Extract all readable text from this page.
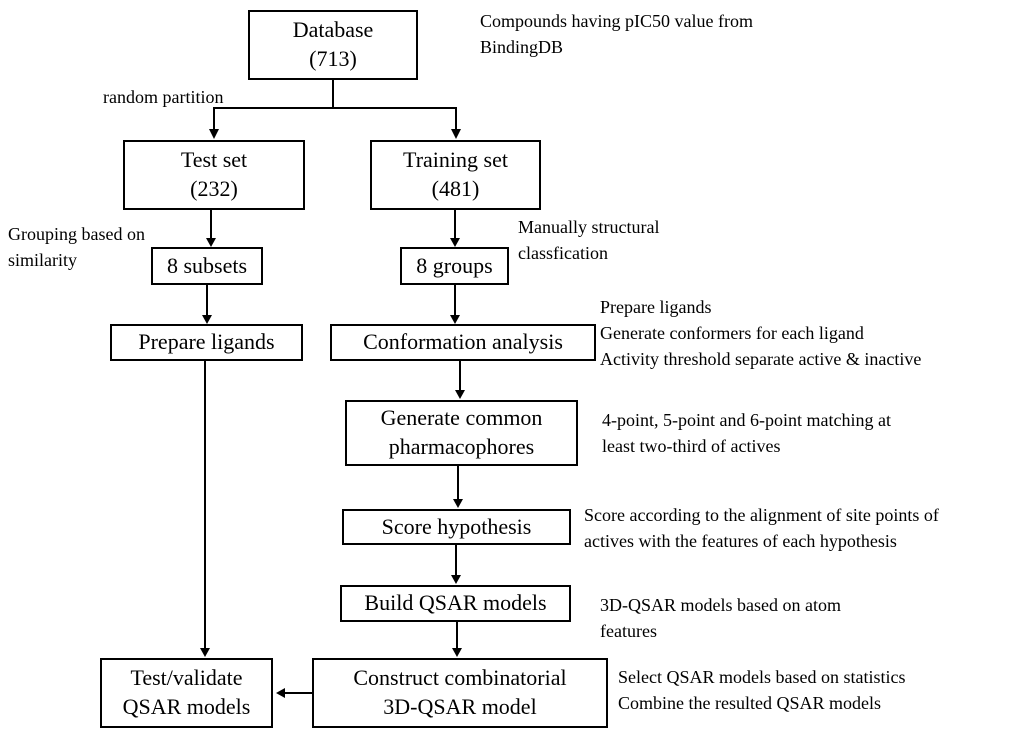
Database
(713)
Test set
(232)
Training set
(481)
8 subsets	8 groups
Prepare ligands	Conformation analysis
Generate common
pharmacophores
Score hypothesis
Build QSAR models
Construct combinatorial
3D-QSAR model
Test/validate
QSAR models
Compounds having pIC50 value from
BindingDB
random partition
Grouping based on
similarity
Manually structural
classfication
Prepare ligands
Generate conformers for each ligand
Activity threshold separate active & inactive
4-point, 5-point and 6-point matching at
least two-third of actives
Score according to the alignment of site points of
actives with the features of each hypothesis
3D-QSAR models based on atom
features
Select QSAR models based on statistics
Combine the resulted QSAR models
